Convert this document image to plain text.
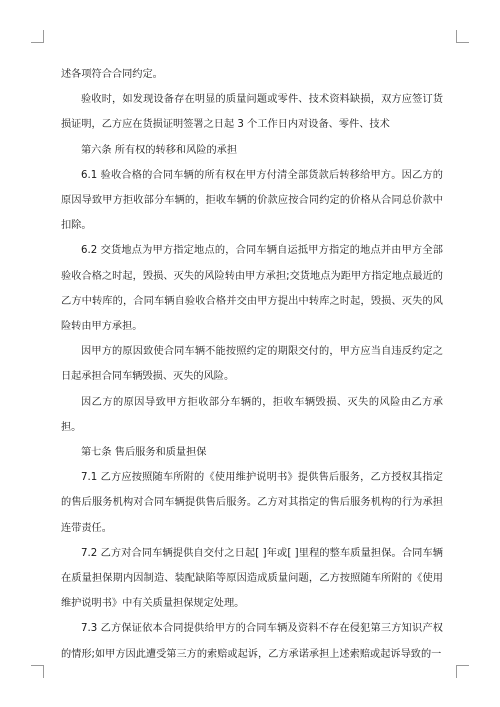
述各项符合合同约定。

验收时，如发现设备存在明显的质量问题或零件、技术资料缺损，双方应签订货损证明，乙方应在货损证明签署之日起 3 个工作日内对设备、零件、技术

第六条 所有权的转移和风险的承担

6.1 验收合格的合同车辆的所有权在甲方付清全部货款后转移给甲方。因乙方的原因导致甲方拒收部分车辆的，拒收车辆的价款应按合同约定的价格从合同总价款中扣除。

6.2 交货地点为甲方指定地点的，合同车辆自运抵甲方指定的地点并由甲方全部验收合格之时起，毁损、灭失的风险转由甲方承担;交货地点为距甲方指定地点最近的乙方中转库的，合同车辆自验收合格并交由甲方提出中转库之时起，毁损、灭失的风险转由甲方承担。

因甲方的原因致使合同车辆不能按照约定的期限交付的，甲方应当自违反约定之日起承担合同车辆毁损、灭失的风险。

因乙方的原因导致甲方拒收部分车辆的，拒收车辆毁损、灭失的风险由乙方承担。

第七条 售后服务和质量担保

7.1 乙方应按照随车所附的《使用维护说明书》提供售后服务，乙方授权其指定的售后服务机构对合同车辆提供售后服务。乙方对其指定的售后服务机构的行为承担连带责任。

7.2 乙方对合同车辆提供自交付之日起[ ]年或[ ]里程的整车质量担保。合同车辆在质量担保期内因制造、装配缺陷等原因造成质量问题，乙方按照随车所附的《使用维护说明书》中有关质量担保规定处理。

7.3 乙方保证依本合同提供给甲方的合同车辆及资料不存在侵犯第三方知识产权的情形;如甲方因此遭受第三方的索赔或起诉，乙方承诺承担上述索赔或起诉导致的一
